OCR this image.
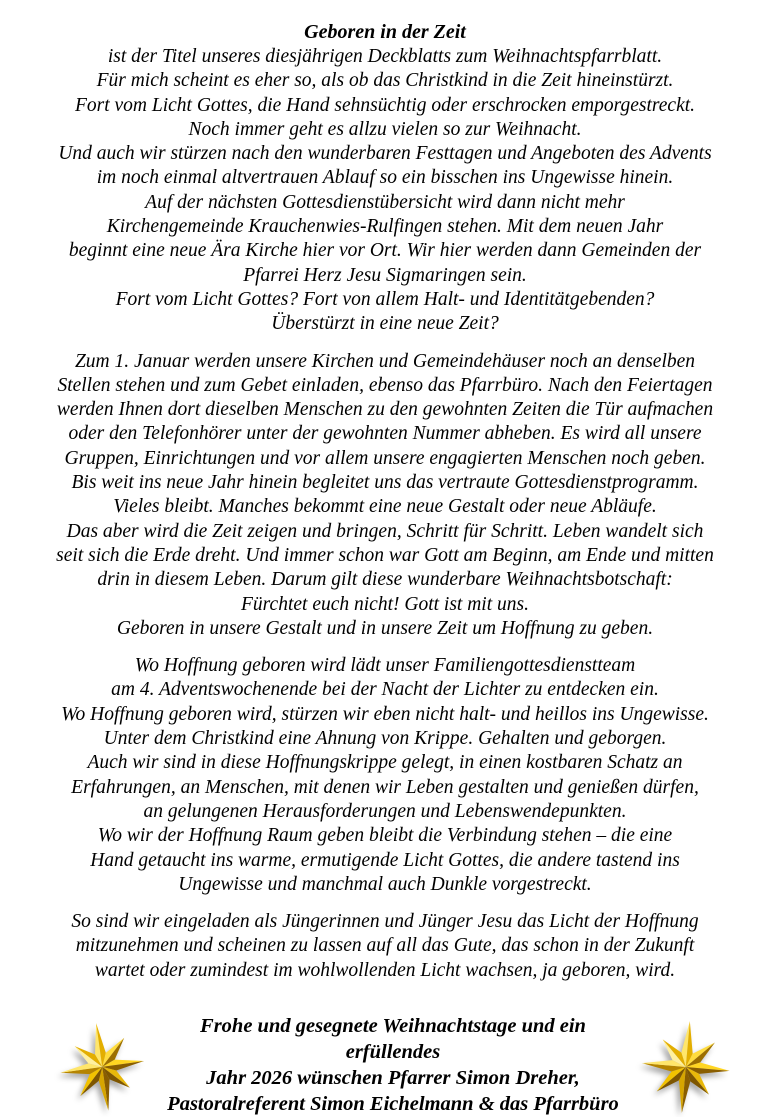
Geboren in der Zeit

ist der Titel unseres diesjährigen Deckblatts zum Weihnachtspfarrblatt.
Für mich scheint es eher so, als ob das Christkind in die Zeit hineinstürzt.
Fort vom Licht Gottes, die Hand sehnsüchtig oder erschrocken emporgestreckt.
Noch immer geht es allzu vielen so zur Weihnacht.
Und auch wir stürzen nach den wunderbaren Festtagen und Angeboten des Advents
im noch einmal altvertrauen Ablauf so ein bisschen ins Ungewisse hinein.
Auf der nächsten Gottesdienstübersicht wird dann nicht mehr
Kirchengemeinde Krauchenwies-Rulfingen stehen. Mit dem neuen Jahr
beginnt eine neue Ära Kirche hier vor Ort. Wir hier werden dann Gemeinden der
Pfarrei Herz Jesu Sigmaringen sein.
Fort vom Licht Gottes? Fort von allem Halt- und Identitätgebenden?
Überstürzt in eine neue Zeit?

Zum 1. Januar werden unsere Kirchen und Gemeindehäuser noch an denselben
Stellen stehen und zum Gebet einladen, ebenso das Pfarrbüro. Nach den Feiertagen
werden Ihnen dort dieselben Menschen zu den gewohnten Zeiten die Tür aufmachen
oder den Telefonhörer unter der gewohnten Nummer abheben. Es wird all unsere
Gruppen, Einrichtungen und vor allem unsere engagierten Menschen noch geben.
Bis weit ins neue Jahr hinein begleitet uns das vertraute Gottesdienstprogramm.
Vieles bleibt. Manches bekommt eine neue Gestalt oder neue Abläufe.
Das aber wird die Zeit zeigen und bringen, Schritt für Schritt. Leben wandelt sich
seit sich die Erde dreht. Und immer schon war Gott am Beginn, am Ende und mitten
drin in diesem Leben. Darum gilt diese wunderbare Weihnachtsbotschaft:
Fürchtet euch nicht! Gott ist mit uns.
Geboren in unsere Gestalt und in unsere Zeit um Hoffnung zu geben.

Wo Hoffnung geboren wird lädt unser Familiengottesdienstteam
am 4. Adventswochenende bei der Nacht der Lichter zu entdecken ein.
Wo Hoffnung geboren wird, stürzen wir eben nicht halt- und heillos ins Ungewisse.
Unter dem Christkind eine Ahnung von Krippe. Gehalten und geborgen.
Auch wir sind in diese Hoffnungskrippe gelegt, in einen kostbaren Schatz an
Erfahrungen, an Menschen, mit denen wir Leben gestalten und genießen dürfen,
an gelungenen Herausforderungen und Lebenswendepunkten.
Wo wir der Hoffnung Raum geben bleibt die Verbindung stehen – die eine
Hand getaucht ins warme, ermutigende Licht Gottes, die andere tastend ins
Ungewisse und manchmal auch Dunkle vorgestreckt.

So sind wir eingeladen als Jüngerinnen und Jünger Jesu das Licht der Hoffnung
mitzunehmen und scheinen zu lassen auf all das Gute, das schon in der Zukunft
wartet oder zumindest im wohlwollenden Licht wachsen, ja geboren, wird.

Frohe und gesegnete Weihnachtstage und ein erfüllendes
Jahr 2026 wünschen Pfarrer Simon Dreher,
Pastoralreferent Simon Eichelmann & das Pfarrbüro
